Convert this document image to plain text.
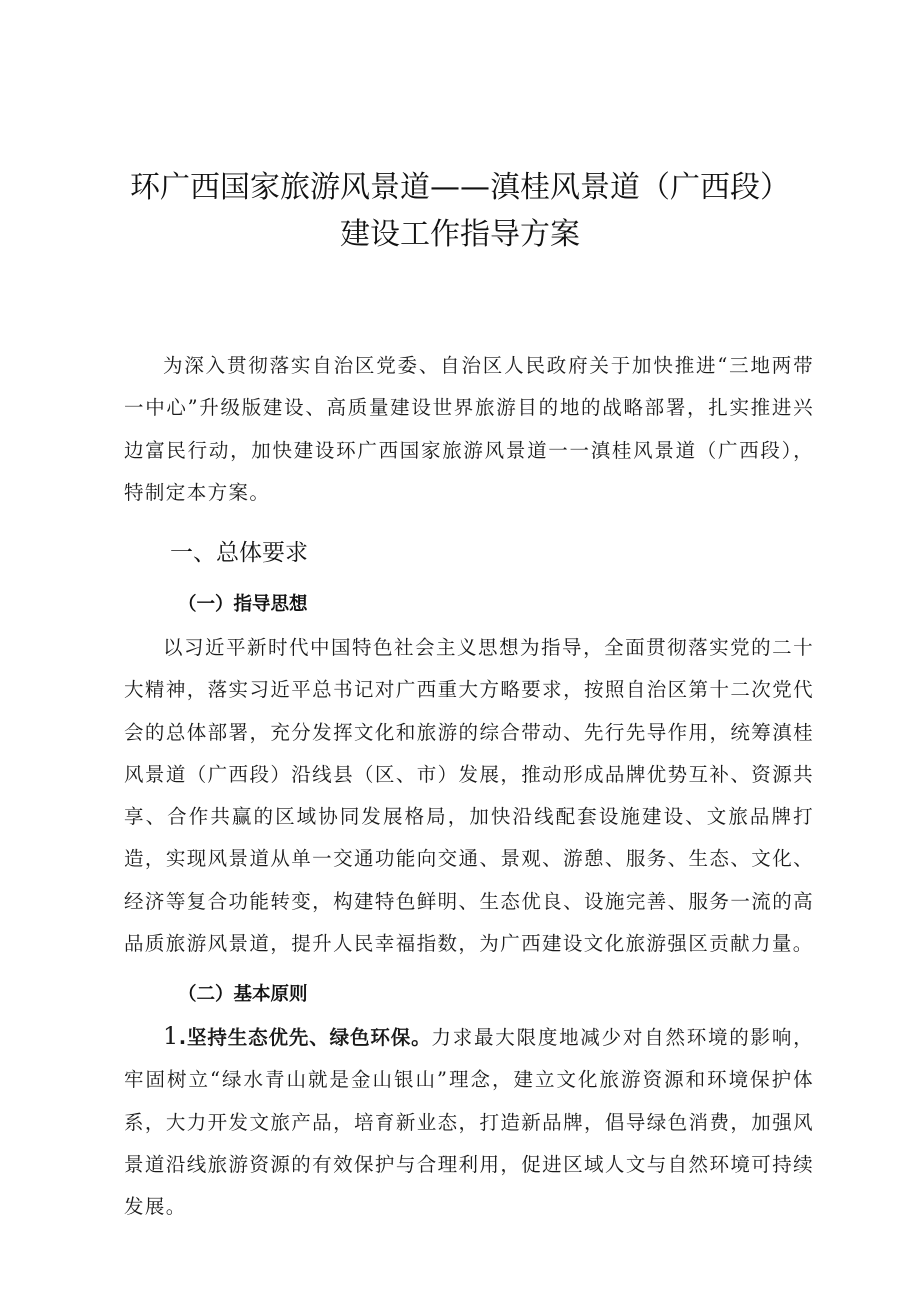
环广西国家旅游风景道——滇桂风景道（广西段）
建设工作指导方案

为深入贯彻落实自治区党委、自治区人民政府关于加快推进“三地两带一中心”升级版建设、高质量建设世界旅游目的地的战略部署，扎实推进兴边富民行动，加快建设环广西国家旅游风景道一一滇桂风景道（广西段），特制定本方案。

一、总体要求
（一）指导思想

以习近平新时代中国特色社会主义思想为指导，全面贯彻落实党的二十大精神，落实习近平总书记对广西重大方略要求，按照自治区第十二次党代会的总体部署，充分发挥文化和旅游的综合带动、先行先导作用，统筹滇桂风景道（广西段）沿线县（区、市）发展，推动形成品牌优势互补、资源共享、合作共赢的区域协同发展格局，加快沿线配套设施建设、文旅品牌打造，实现风景道从单一交通功能向交通、景观、游憩、服务、生态、文化、经济等复合功能转变，构建特色鲜明、生态优良、设施完善、服务一流的高品质旅游风景道，提升人民幸福指数，为广西建设文化旅游强区贡献力量。

（二）基本原则

1.坚持生态优先、绿色环保。力求最大限度地减少对自然环境的影响，牢固树立“绿水青山就是金山银山”理念，建立文化旅游资源和环境保护体系，大力开发文旅产品，培育新业态，打造新品牌，倡导绿色消费，加强风景道沿线旅游资源的有效保护与合理利用，促进区域人文与自然环境可持续发展。
